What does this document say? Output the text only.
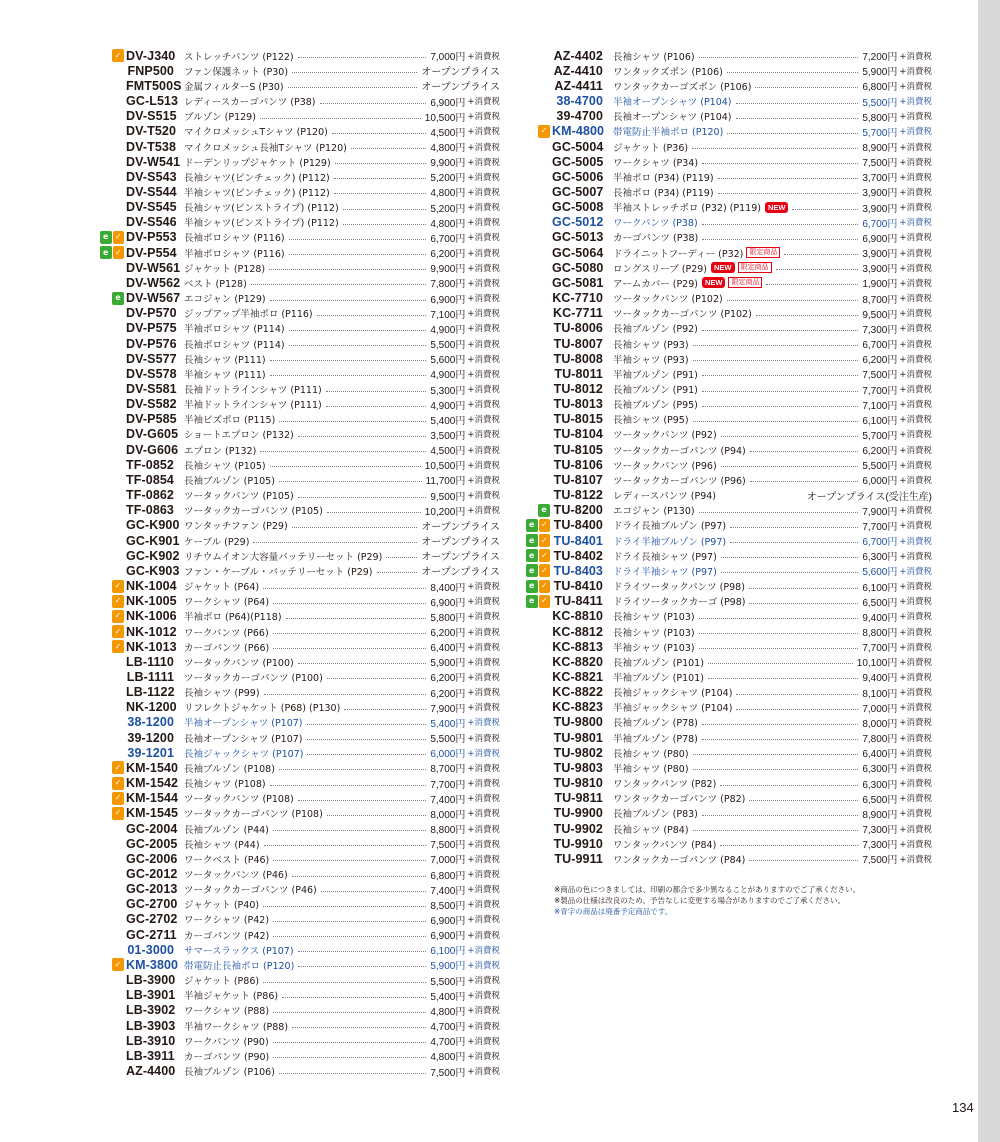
✓ DV-J340 ストレッチパンツ (P122)	7,000円 +消費税
FNP500 ファン保護ネット (P30)	オープンプライス
FMT500S 金属フィルターS (P30)	オープンプライス
GC-L513 レディースカーゴパンツ (P38)	6,900円 +消費税
DV-S515 ブルゾン (P129)	10,500円 +消費税
DV-T520 マイクロメッシュTシャツ (P120)	4,500円 +消費税
DV-T538 マイクロメッシュ長袖Tシャツ (P120)	4,800円 +消費税
DV-W541 ドーデンリップジャケット (P129)	9,900円 +消費税
DV-S543 長袖シャツ(ピンチェック) (P112)	5,200円 +消費税
DV-S544 半袖シャツ(ピンチェック) (P112)	4,800円 +消費税
DV-S545 長袖シャツ(ピンストライプ) (P112)	5,200円 +消費税
DV-S546 半袖シャツ(ピンストライプ) (P112)	4,800円 +消費税
e ✓ DV-P553 長袖ポロシャツ (P116)	6,700円 +消費税
e ✓ DV-P554 半袖ポロシャツ (P116)	6,200円 +消費税
DV-W561 ジャケット (P128)	9,900円 +消費税
DV-W562 ベスト (P128)	7,800円 +消費税
e DV-W567 エコジャン (P129)	6,900円 +消費税
DV-P570 ジップアップ半袖ポロ (P116)	7,100円 +消費税
DV-P575 半袖ポロシャツ (P114)	4,900円 +消費税
DV-P576 長袖ポロシャツ (P114)	5,500円 +消費税
DV-S577 長袖シャツ (P111)	5,600円 +消費税
DV-S578 半袖シャツ (P111)	4,900円 +消費税
DV-S581 長袖ドットラインシャツ (P111)	5,300円 +消費税
DV-S582 半袖ドットラインシャツ (P111)	4,900円 +消費税
DV-P585 半袖ビズポロ (P115)	5,400円 +消費税
DV-G605 ショートエプロン (P132)	3,500円 +消費税
DV-G606 エプロン (P132)	4,500円 +消費税
TF-0852 長袖シャツ (P105)	10,500円 +消費税
TF-0854 長袖ブルゾン (P105)	11,700円 +消費税
TF-0862 ツータックパンツ (P105)	9,500円 +消費税
TF-0863 ツータックカーゴパンツ (P105)	10,200円 +消費税
GC-K900 ワンタッチファン (P29)	オープンプライス
GC-K901 ケーブル (P29)	オープンプライス
GC-K902 リチウムイオン大容量バッテリーセット (P29)	オープンプライス
GC-K903 ファン・ケーブル・バッテリーセット (P29)	オープンプライス
✓ NK-1004 ジャケット (P64)	8,400円 +消費税
✓ NK-1005 ワークシャツ (P64)	6,900円 +消費税
✓ NK-1006 半袖ポロ (P64)(P118)	5,800円 +消費税
✓ NK-1012 ワークパンツ (P66)	6,200円 +消費税
✓ NK-1013 カーゴパンツ (P66)	6,400円 +消費税
LB-1110 ツータックパンツ (P100)	5,900円 +消費税
LB-1111 ツータックカーゴパンツ (P100)	6,200円 +消費税
LB-1122 長袖シャツ (P99)	6,200円 +消費税
NK-1200 リフレクトジャケット (P68) (P130)	7,900円 +消費税
38-1200 半袖オープンシャツ (P107)	5,400円 +消費税
39-1200 長袖オープンシャツ (P107)	5,500円 +消費税
39-1201 長袖ジャックシャツ (P107)	6,000円 +消費税
✓ KM-1540 長袖ブルゾン (P108)	8,700円 +消費税
✓ KM-1542 長袖シャツ (P108)	7,700円 +消費税
✓ KM-1544 ツータックパンツ (P108)	7,400円 +消費税
✓ KM-1545 ツータックカーゴパンツ (P108)	8,000円 +消費税
GC-2004 長袖ブルゾン (P44)	8,800円 +消費税
GC-2005 長袖シャツ (P44)	7,500円 +消費税
GC-2006 ワークベスト (P46)	7,000円 +消費税
GC-2012 ツータックパンツ (P46)	6,800円 +消費税
GC-2013 ツータックカーゴパンツ (P46)	7,400円 +消費税
GC-2700 ジャケット (P40)	8,500円 +消費税
GC-2702 ワークシャツ (P42)	6,900円 +消費税
GC-2711 カーゴパンツ (P42)	6,900円 +消費税
01-3000 サマースラックス (P107)	6,100円 +消費税
✓ KM-3800 帯電防止長袖ポロ (P120)	5,900円 +消費税
LB-3900 ジャケット (P86)	5,500円 +消費税
LB-3901 半袖ジャケット (P86)	5,400円 +消費税
LB-3902 ワークシャツ (P88)	4,800円 +消費税
LB-3903 半袖ワークシャツ (P88)	4,700円 +消費税
LB-3910 ワークパンツ (P90)	4,700円 +消費税
LB-3911 カーゴパンツ (P90)	4,800円 +消費税
AZ-4400 長袖ブルゾン (P106)	7,500円 +消費税
AZ-4402 長袖シャツ (P106)	7,200円 +消費税
AZ-4410 ワンタックズボン (P106)	5,900円 +消費税
AZ-4411 ワンタックカーゴズボン (P106)	6,800円 +消費税
38-4700 半袖オープンシャツ (P104)	5,500円 +消費税
39-4700 長袖オープンシャツ (P104)	5,800円 +消費税
✓ KM-4800 帯電防止半袖ポロ (P120)	5,700円 +消費税
GC-5004 ジャケット (P36)	8,900円 +消費税
GC-5005 ワークシャツ (P34)	7,500円 +消費税
GC-5006 半袖ポロ (P34) (P119)	3,700円 +消費税
GC-5007 長袖ポロ (P34) (P119)	3,900円 +消費税
GC-5008 半袖ストレッチポロ (P32) (P119) NEW	3,900円 +消費税
GC-5012 ワークパンツ (P38)	6,700円 +消費税
GC-5013 カーゴパンツ (P38)	6,900円 +消費税
GC-5064 ドライニットフーディー (P32) 限定商品	3,900円 +消費税
GC-5080 ロングスリーブ (P29) NEW	限定商品	3,900円 +消費税
GC-5081 アームカバー (P29) NEW	限定商品	1,900円 +消費税
KC-7710 ツータックパンツ (P102)	8,700円 +消費税
KC-7711 ツータックカーゴパンツ (P102)	9,500円 +消費税
TU-8006 長袖ブルゾン (P92)	7,300円 +消費税
TU-8007 長袖シャツ (P93)	6,700円 +消費税
TU-8008 半袖シャツ (P93)	6,200円 +消費税
TU-8011 半袖ブルゾン (P91)	7,500円 +消費税
TU-8012 長袖ブルゾン (P91)	7,700円 +消費税
TU-8013 長袖ブルゾン (P95)	7,100円 +消費税
TU-8015 長袖シャツ (P95)	6,100円 +消費税
TU-8104 ツータックパンツ (P92)	5,700円 +消費税
TU-8105 ツータックカーゴパンツ (P94)	6,200円 +消費税
TU-8106 ツータックパンツ (P96)	5,500円 +消費税
TU-8107 ツータックカーゴパンツ (P96)	6,000円 +消費税
TU-8122 レディースパンツ (P94)	オープンプライス(受注生産)
e TU-8200 エコジャン (P130)	7,900円 +消費税
e ✓ TU-8400 ドライ長袖ブルゾン (P97)	7,700円 +消費税
e ✓ TU-8401 ドライ半袖ブルゾン (P97)	6,700円 +消費税
e ✓ TU-8402 ドライ長袖シャツ (P97)	6,300円 +消費税
e ✓ TU-8403 ドライ半袖シャツ (P97)	5,600円 +消費税
e ✓ TU-8410 ドライツータックパンツ (P98)	6,100円 +消費税
e ✓ TU-8411 ドライツータックカーゴ (P98)	6,500円 +消費税
KC-8810 長袖シャツ (P103)	9,400円 +消費税
KC-8812 長袖シャツ (P103)	8,800円 +消費税
KC-8813 半袖シャツ (P103)	7,700円 +消費税
KC-8820 長袖ブルゾン (P101)	10,100円 +消費税
KC-8821 半袖ブルゾン (P101)	9,400円 +消費税
KC-8822 長袖ジャックシャツ (P104)	8,100円 +消費税
KC-8823 半袖ジャックシャツ (P104)	7,000円 +消費税
TU-9800 長袖ブルゾン (P78)	8,000円 +消費税
TU-9801 半袖ブルゾン (P78)	7,800円 +消費税
TU-9802 長袖シャツ (P80)	6,400円 +消費税
TU-9803 半袖シャツ (P80)	6,300円 +消費税
TU-9810 ワンタックパンツ (P82)	6,300円 +消費税
TU-9811 ワンタックカーゴパンツ (P82)	6,500円 +消費税
TU-9900 長袖ブルゾン (P83)	8,900円 +消費税
TU-9902 長袖シャツ (P84)	7,300円 +消費税
TU-9910 ワンタックパンツ (P84)	7,300円 +消費税
TU-9911 ワンタックカーゴパンツ (P84)	7,500円 +消費税
※商品の色につきましては、印刷の都合で多少異なることがありますのでご了承ください。
※製品の仕様は改良のため、予告なしに変更する場合がありますのでご了承ください。
※青字の商品は廃番予定商品です。
134
